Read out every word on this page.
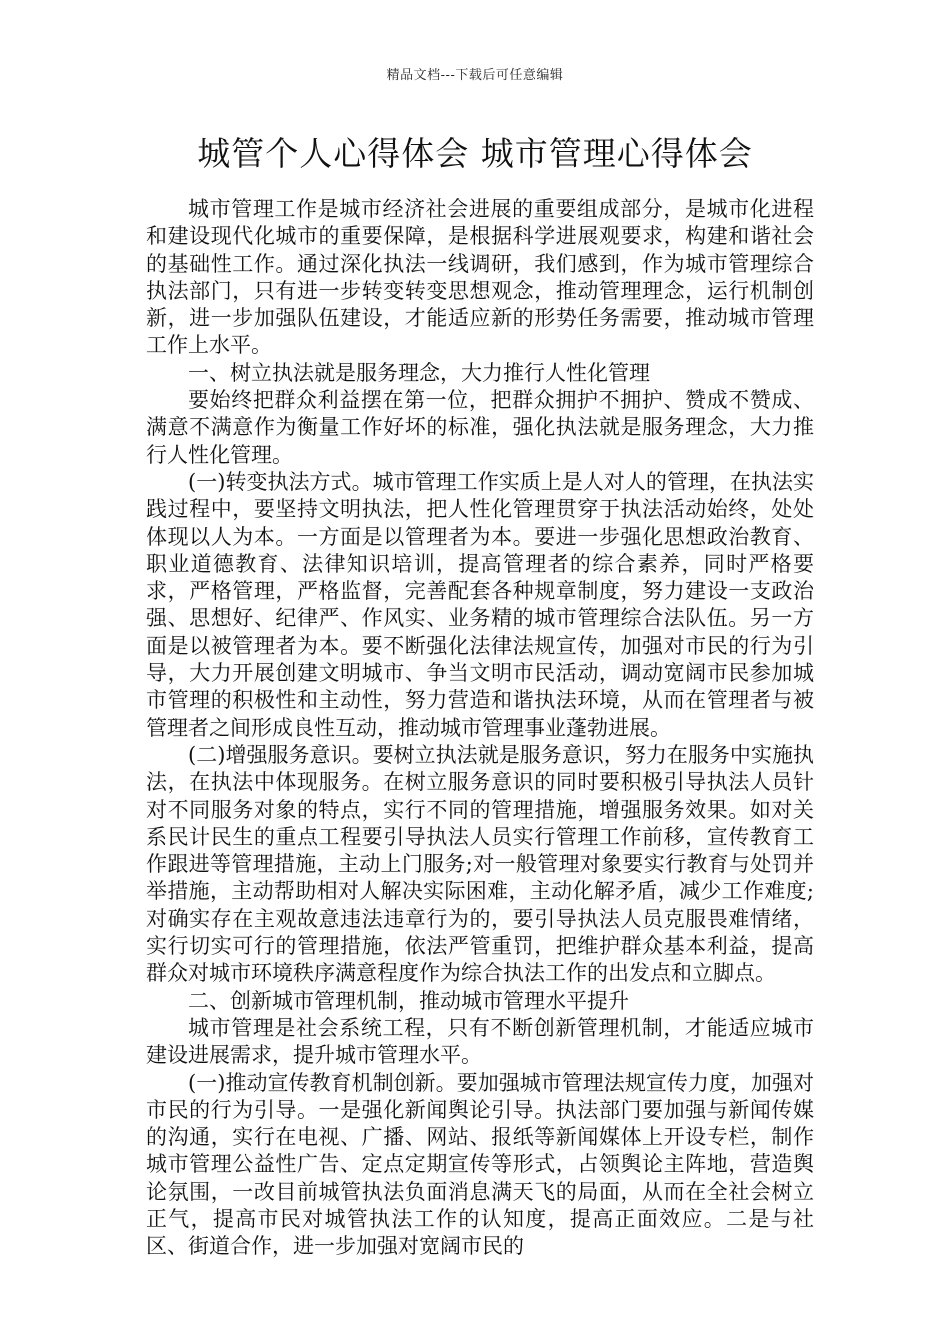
精品文档---下载后可任意编辑
城管个人心得体会 城市管理心得体会

城市管理工作是城市经济社会进展的重要组成部分，是城市化进程和建设现代化城市的重要保障，是根据科学进展观要求，构建和谐社会的基础性工作。通过深化执法一线调研，我们感到，作为城市管理综合执法部门，只有进一步转变转变思想观念，推动管理理念，运行机制创新，进一步加强队伍建设，才能适应新的形势任务需要，推动城市管理工作上水平。

一、树立执法就是服务理念，大力推行人性化管理

要始终把群众利益摆在第一位，把群众拥护不拥护、赞成不赞成、满意不满意作为衡量工作好坏的标准，强化执法就是服务理念，大力推行人性化管理。

(一)转变执法方式。城市管理工作实质上是人对人的管理，在执法实践过程中，要坚持文明执法，把人性化管理贯穿于执法活动始终，处处体现以人为本。一方面是以管理者为本。要进一步强化思想政治教育、职业道德教育、法律知识培训，提高管理者的综合素养，同时严格要求，严格管理，严格监督，完善配套各种规章制度，努力建设一支政治强、思想好、纪律严、作风实、业务精的城市管理综合法队伍。另一方面是以被管理者为本。要不断强化法律法规宣传，加强对市民的行为引导，大力开展创建文明城市、争当文明市民活动，调动宽阔市民参加城市管理的积极性和主动性，努力营造和谐执法环境，从而在管理者与被管理者之间形成良性互动，推动城市管理事业蓬勃进展。

(二)增强服务意识。要树立执法就是服务意识，努力在服务中实施执法，在执法中体现服务。在树立服务意识的同时要积极引导执法人员针对不同服务对象的特点，实行不同的管理措施，增强服务效果。如对关系民计民生的重点工程要引导执法人员实行管理工作前移，宣传教育工作跟进等管理措施，主动上门服务;对一般管理对象要实行教育与处罚并举措施，主动帮助相对人解决实际困难，主动化解矛盾，减少工作难度;对确实存在主观故意违法违章行为的，要引导执法人员克服畏难情绪，实行切实可行的管理措施，依法严管重罚，把维护群众基本利益，提高群众对城市环境秩序满意程度作为综合执法工作的出发点和立脚点。

二、创新城市管理机制，推动城市管理水平提升

城市管理是社会系统工程，只有不断创新管理机制，才能适应城市建设进展需求，提升城市管理水平。

(一)推动宣传教育机制创新。要加强城市管理法规宣传力度，加强对市民的行为引导。一是强化新闻舆论引导。执法部门要加强与新闻传媒的沟通，实行在电视、广播、网站、报纸等新闻媒体上开设专栏，制作城市管理公益性广告、定点定期宣传等形式，占领舆论主阵地，营造舆论氛围，一改目前城管执法负面消息满天飞的局面，从而在全社会树立正气，提高市民对城管执法工作的认知度，提高正面效应。二是与社区、街道合作，进一步加强对宽阔市民的
